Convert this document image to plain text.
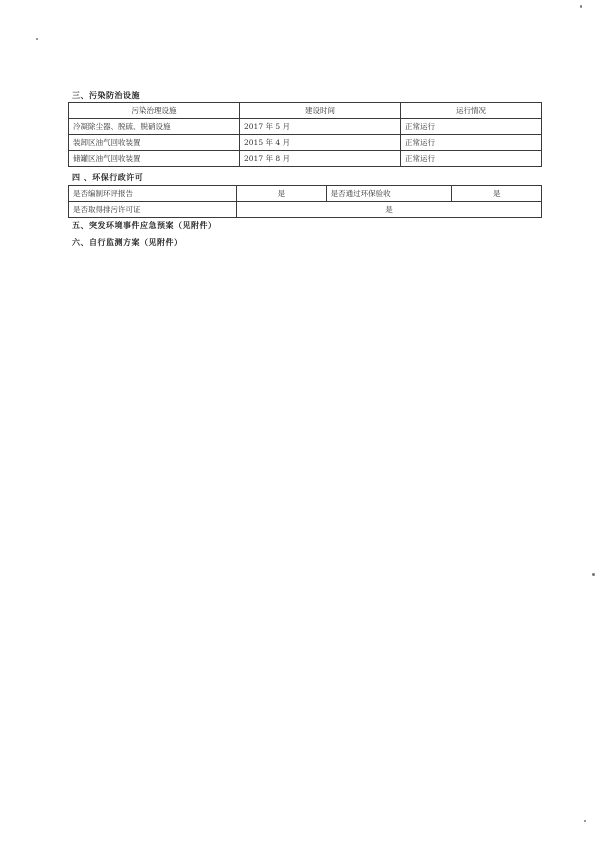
三、污染防治设施
污染治理设施	建设时间	运行情况
冷凝除尘器、脱硫、脱硝设施	2017 年 5 月	正常运行
装卸区油气回收装置	2015 年 4 月	正常运行
储罐区油气回收装置	2017 年 8 月	正常运行
四 、环保行政许可
是否编制环评报告	是	是否通过环保验收	是
是否取得排污许可证	是		
五、突发环境事件应急预案（见附件）
六、自行监测方案（见附件）
